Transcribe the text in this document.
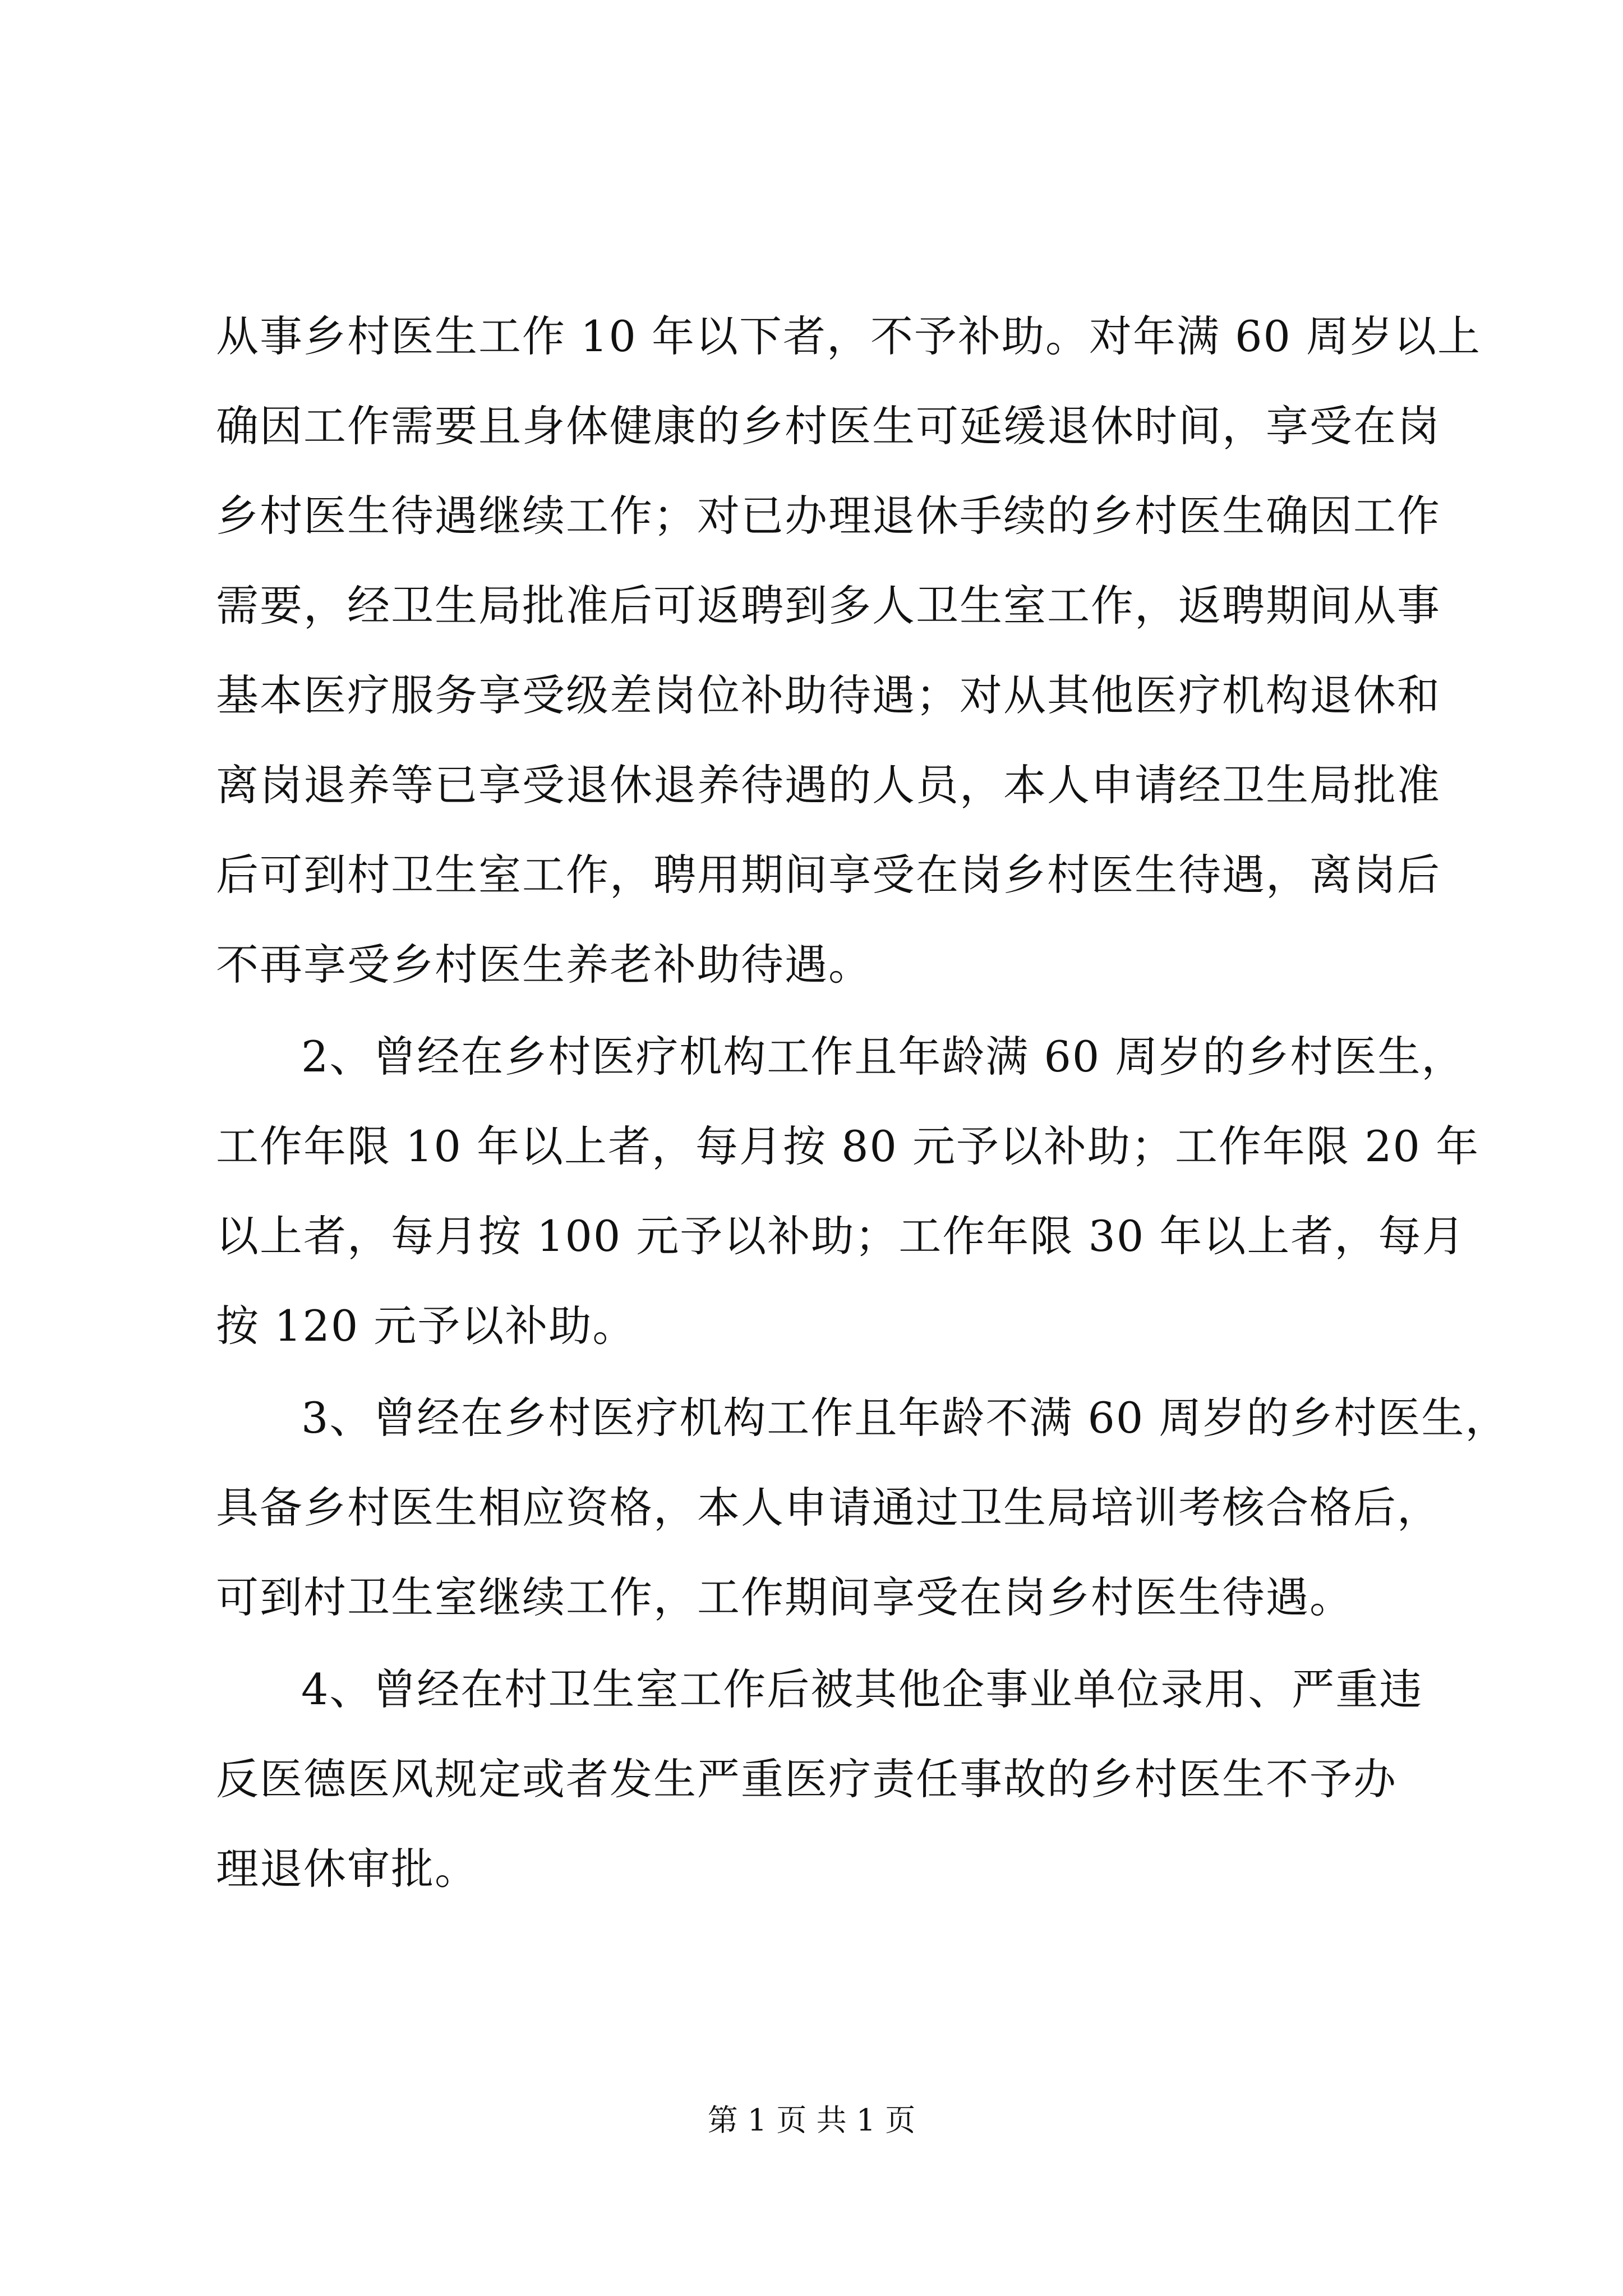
从事乡村医生工作 10 年以下者，不予补助。对年满 60 周岁以上
确因工作需要且身体健康的乡村医生可延缓退休时间，享受在岗
乡村医生待遇继续工作；对已办理退休手续的乡村医生确因工作
需要，经卫生局批准后可返聘到多人卫生室工作，返聘期间从事
基本医疗服务享受级差岗位补助待遇；对从其他医疗机构退休和
离岗退养等已享受退休退养待遇的人员，本人申请经卫生局批准
后可到村卫生室工作，聘用期间享受在岗乡村医生待遇，离岗后
不再享受乡村医生养老补助待遇。
2、曾经在乡村医疗机构工作且年龄满 60 周岁的乡村医生，
工作年限 10 年以上者，每月按 80 元予以补助；工作年限 20 年
以上者，每月按 100 元予以补助；工作年限 30 年以上者，每月
按 120 元予以补助。
3、曾经在乡村医疗机构工作且年龄不满 60 周岁的乡村医生，
具备乡村医生相应资格，本人申请通过卫生局培训考核合格后，
可到村卫生室继续工作，工作期间享受在岗乡村医生待遇。
4、曾经在村卫生室工作后被其他企事业单位录用、严重违
反医德医风规定或者发生严重医疗责任事故的乡村医生不予办
理退休审批。
第 1 页 共 1 页
